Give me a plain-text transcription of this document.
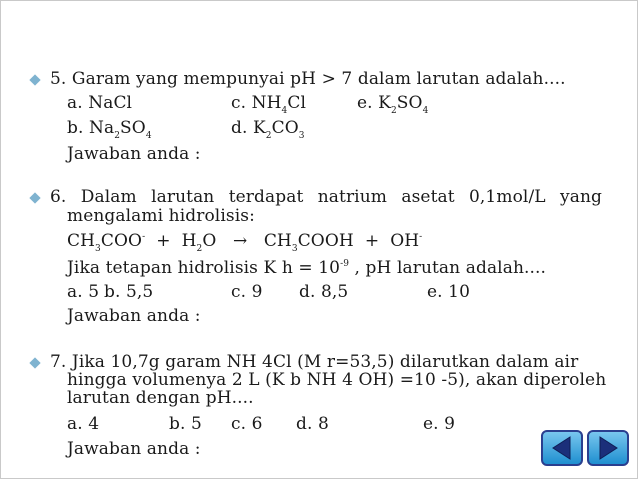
5. Garam yang mempunyai pH > 7 dalam larutan adalah....
a. NaCl	c. $NH_4Cl$	e. $K_2SO_4$
b. $Na_2SO_4$	d. $K_2CO_3$
Jawaban anda :
6. Dalam larutan terdapat natrium asetat 0,1mol/L yang
mengalami hidrolisis:
$CH_3COO^- + H_2O$ → $CH_3COOH + OH^-$
Jika tetapan hidrolisis K $h = 10^{-9}$ , pH larutan adalah....
a. 5 b. 5,5	c. 9 d. 8,5	e. 10
Jawaban anda :
7. Jika 10,7g garam NH 4Cl (M r=53,5) dilarutkan dalam air
hingga volumenya 2 L (K b NH 4 OH) =10 -5), akan diperoleh
larutan dengan pH....
a. 4	b. 5 c. 6 d. 8	e. 9
Jawaban anda :
